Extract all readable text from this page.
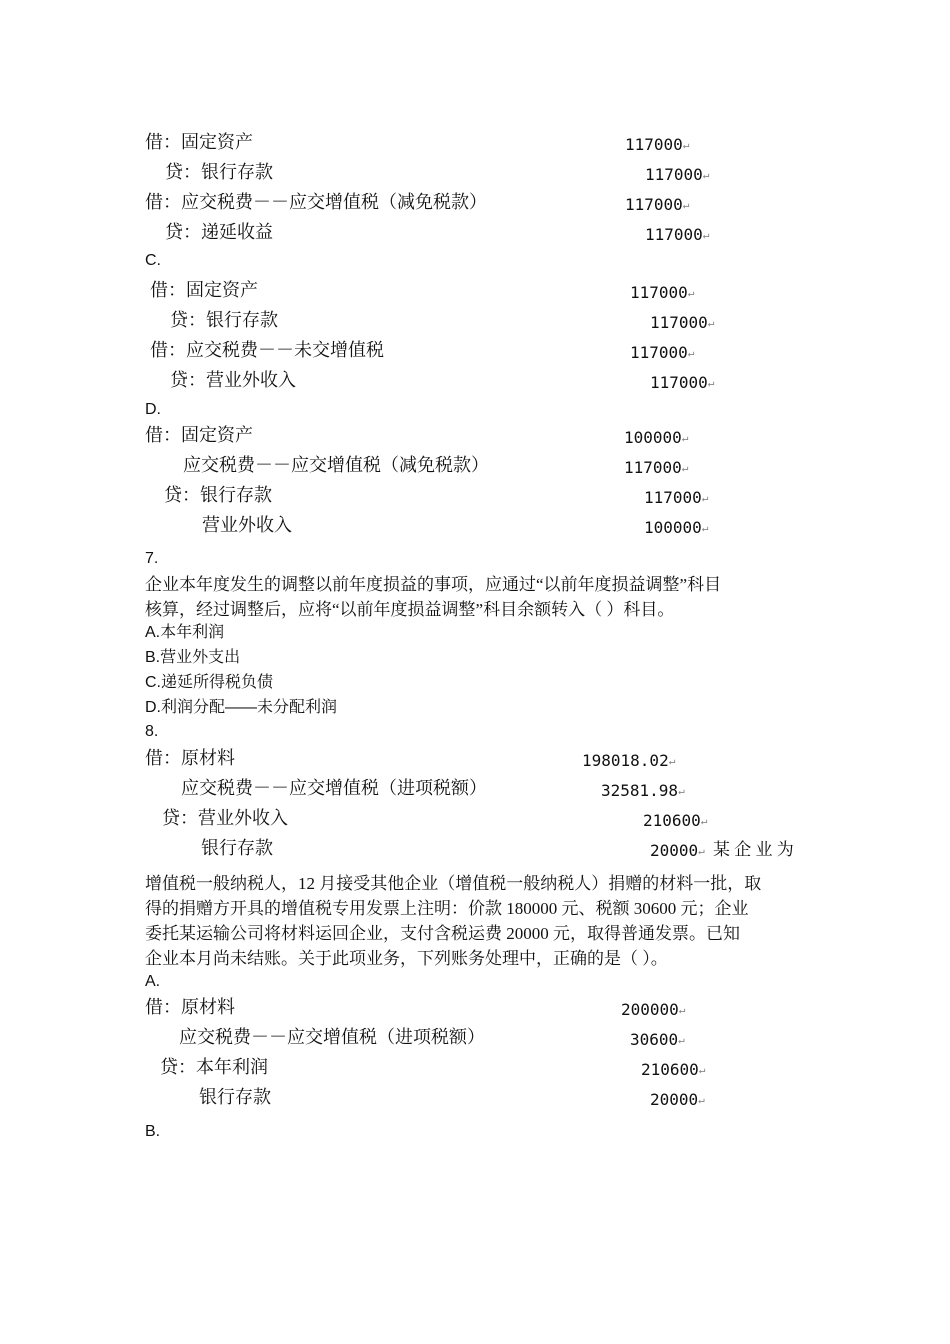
借：固定资产	117000↵
贷：银行存款	117000↵
借：应交税费－－应交增值税（减免税款）	117000↵
贷：递延收益	117000↵
C.
借：固定资产	117000↵
贷：银行存款	117000↵
借：应交税费－－未交增值税	117000↵
贷：营业外收入	117000↵
D.
借：固定资产	100000↵
应交税费－－应交增值税（减免税款）	117000↵
贷：银行存款	117000↵
营业外收入	100000↵
7.
企业本年度发生的调整以前年度损益的事项，应通过“以前年度损益调整”科目
核算，经过调整后，应将“以前年度损益调整”科目余额转入（ ）科目。
A.本年利润
B.营业外支出
C.递延所得税负债
D.利润分配——未分配利润
8.
借：原材料	198018.02↵
应交税费－－应交增值税（进项税额）	32581.98↵
贷：营业外收入	210600↵
银行存款	20000↵ 某 企 业 为
增值税一般纳税人，12 月接受其他企业（增值税一般纳税人）捐赠的材料一批，取
得的捐赠方开具的增值税专用发票上注明：价款 180000 元、税额 30600 元；企业
委托某运输公司将材料运回企业，支付含税运费 20000 元，取得普通发票。已知
企业本月尚未结账。关于此项业务，下列账务处理中，正确的是（ ）。
A.
借：原材料	200000↵
应交税费－－应交增值税（进项税额）	30600↵
贷：本年利润	210600↵
银行存款	20000↵
B.
